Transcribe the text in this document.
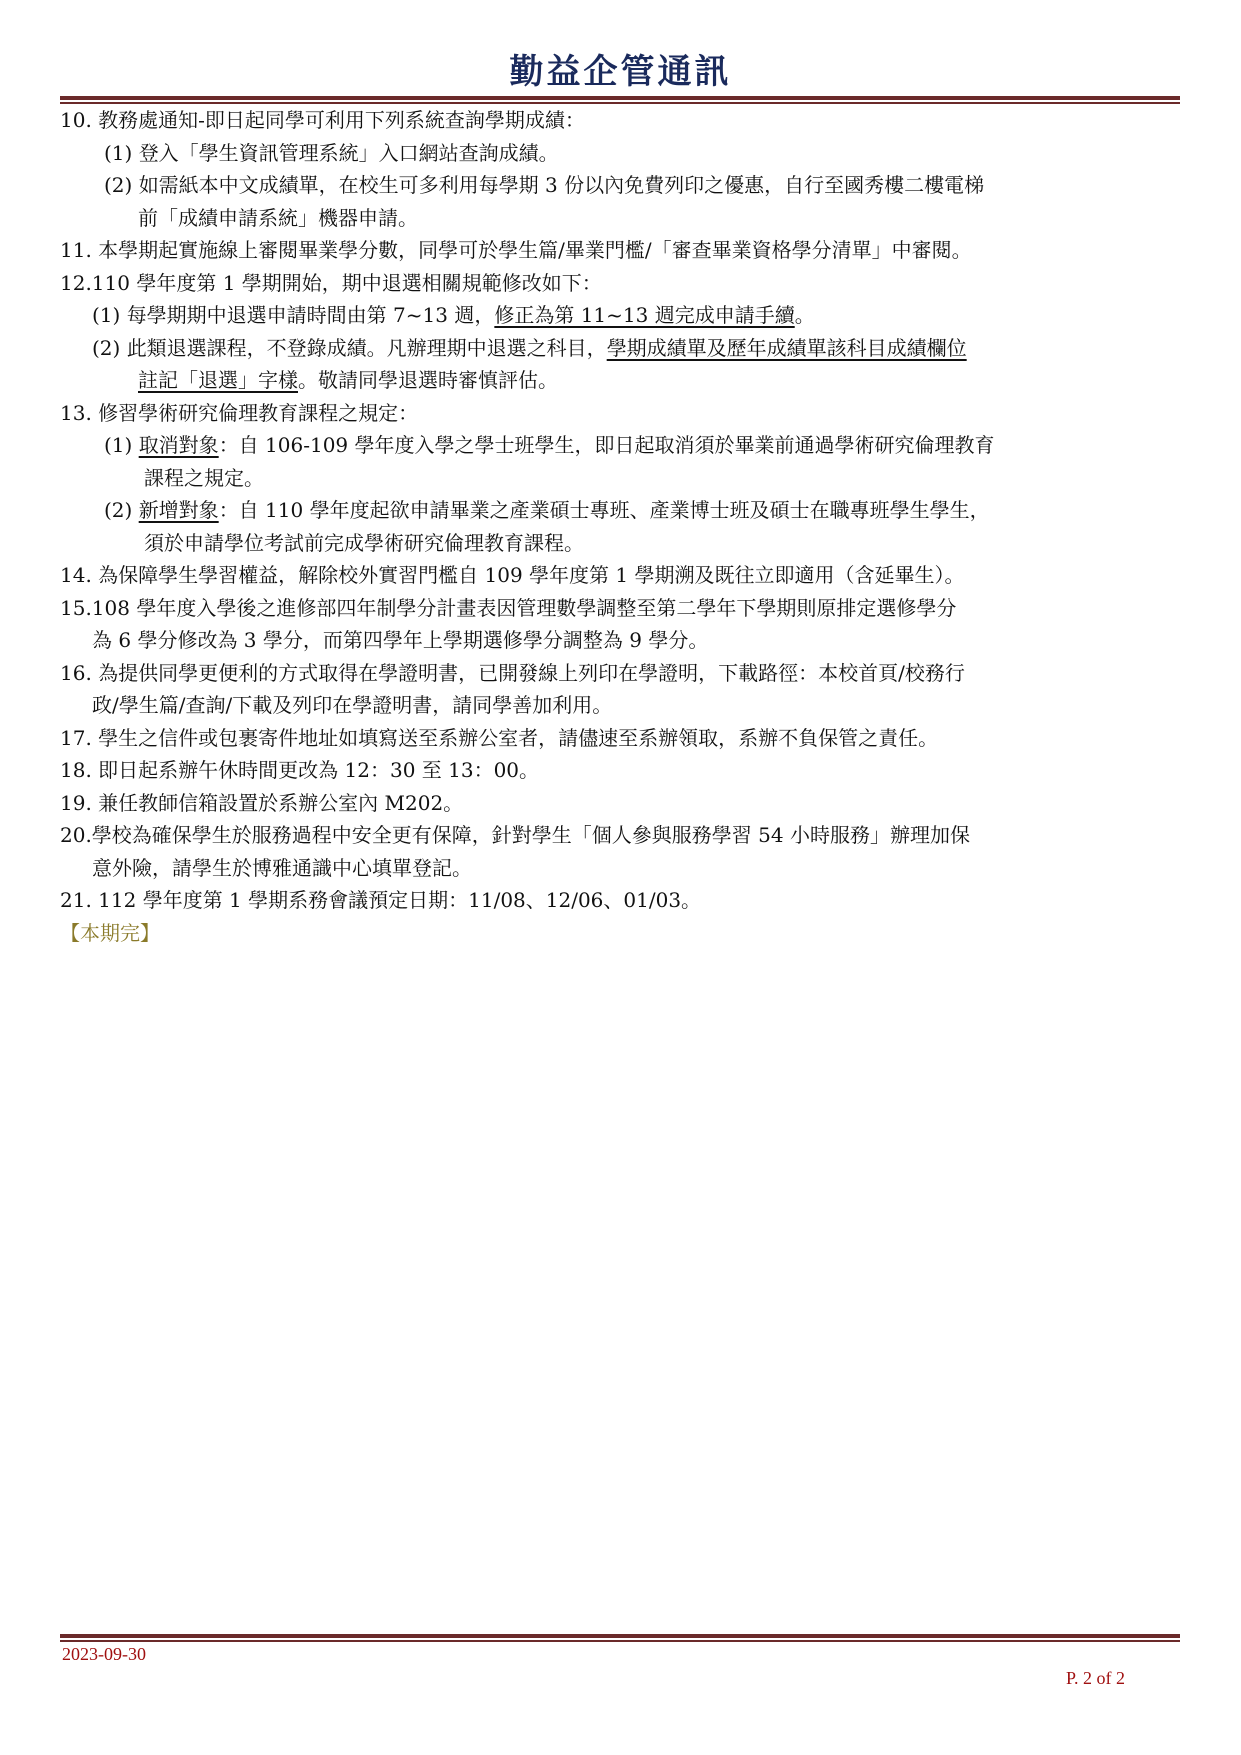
勤益企管通訊
10. 教務處通知-即日起同學可利用下列系統查詢學期成績：
(1) 登入「學生資訊管理系統」入口網站查詢成績。
(2) 如需紙本中文成績單，在校生可多利用每學期 3 份以內免費列印之優惠，自行至國秀樓二樓電梯
前「成績申請系統」機器申請。
11. 本學期起實施線上審閱畢業學分數，同學可於學生篇/畢業門檻/「審查畢業資格學分清單」中審閱。
12.110 學年度第 1 學期開始，期中退選相關規範修改如下：
(1) 每學期期中退選申請時間由第 7~13 週，修正為第 11~13 週完成申請手續。
(2) 此類退選課程，不登錄成績。凡辦理期中退選之科目，學期成績單及歷年成績單該科目成績欄位
註記「退選」字樣。敬請同學退選時審慎評估。
13. 修習學術研究倫理教育課程之規定：
(1) 取消對象：自 106-109 學年度入學之學士班學生，即日起取消須於畢業前通過學術研究倫理教育
課程之規定。
(2) 新增對象：自 110 學年度起欲申請畢業之產業碩士專班、產業博士班及碩士在職專班學生學生，
須於申請學位考試前完成學術研究倫理教育課程。
14. 為保障學生學習權益，解除校外實習門檻自 109 學年度第 1 學期溯及既往立即適用（含延畢生）。
15.108 學年度入學後之進修部四年制學分計畫表因管理數學調整至第二學年下學期則原排定選修學分
為 6 學分修改為 3 學分，而第四學年上學期選修學分調整為 9 學分。
16. 為提供同學更便利的方式取得在學證明書，已開發線上列印在學證明，下載路徑：本校首頁/校務行
政/學生篇/查詢/下載及列印在學證明書，請同學善加利用。
17. 學生之信件或包裹寄件地址如填寫送至系辦公室者，請儘速至系辦領取，系辦不負保管之責任。
18. 即日起系辦午休時間更改為 12：30 至 13：00。
19. 兼任教師信箱設置於系辦公室內 M202。
20.學校為確保學生於服務過程中安全更有保障，針對學生「個人參與服務學習 54 小時服務」辦理加保
意外險，請學生於博雅通識中心填單登記。
21. 112 學年度第 1 學期系務會議預定日期：11/08、12/06、01/03。
【本期完】
2023-09-30
P. 2 of 2
